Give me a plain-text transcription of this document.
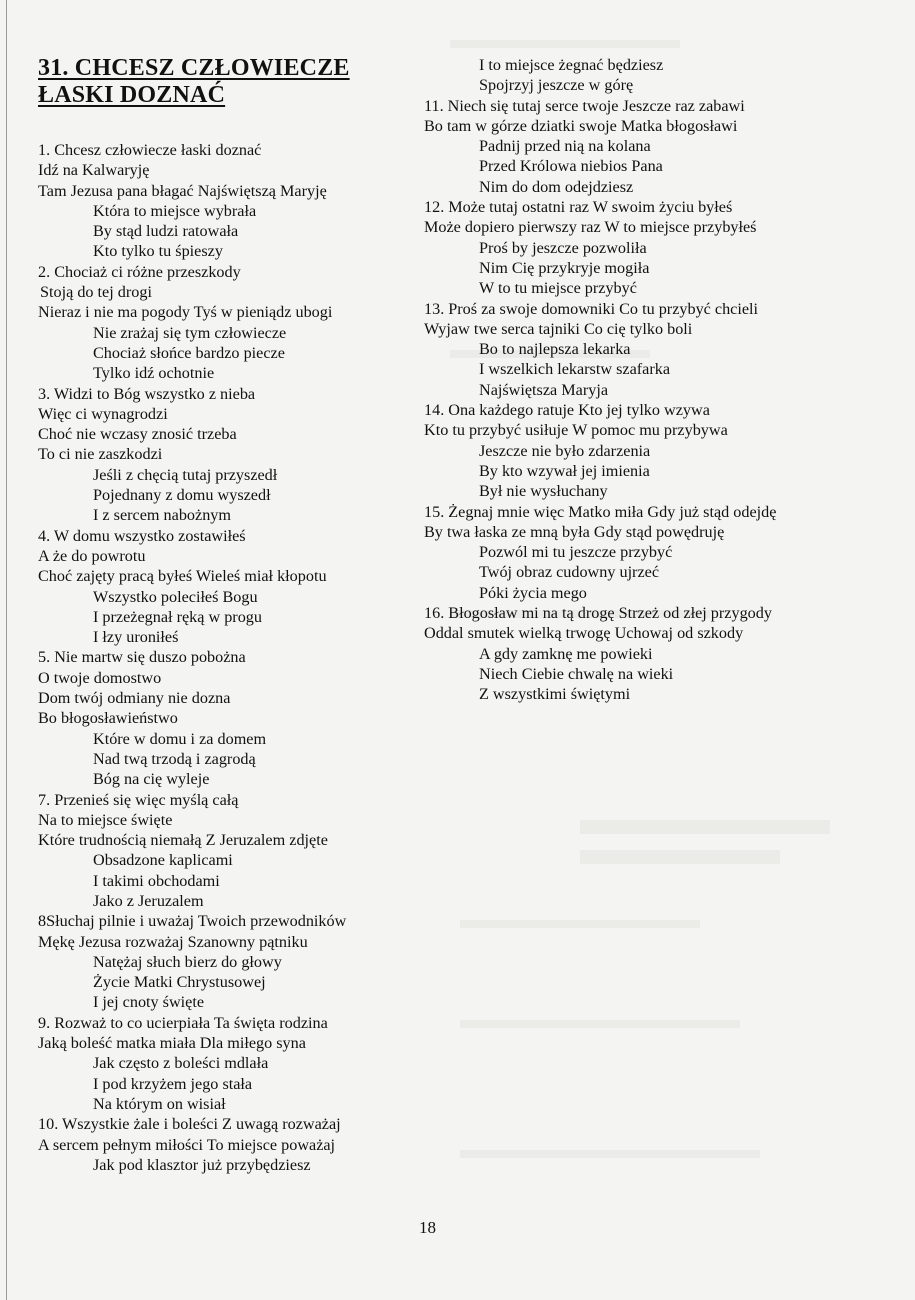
31. CHCESZ CZŁOWIECZE
ŁASKI DOZNAĆ
1. Chcesz człowiecze łaski doznać
Idź na Kalwaryję
Tam Jezusa pana błagać Najświętszą Maryję
Która to miejsce wybrała
By stąd ludzi ratowała
Kto tylko tu śpieszy
2. Chociaż ci różne przeszkody
Stoją do tej drogi
Nieraz i nie ma pogody Tyś w pieniądz ubogi
Nie zrażaj się tym człowiecze
Chociaż słońce bardzo piecze
Tylko idź ochotnie
3. Widzi to Bóg wszystko z nieba
Więc ci wynagrodzi
Choć nie wczasy znosić trzeba
To ci nie zaszkodzi
Jeśli z chęcią tutaj przyszedł
Pojednany z domu wyszedł
I z sercem nabożnym
4. W domu wszystko zostawiłeś
A że do powrotu
Choć zajęty pracą byłeś Wieleś miał kłopotu
Wszystko poleciłeś Bogu
I przeżegnał ręką w progu
I łzy uroniłeś
5. Nie martw się duszo pobożna
O twoje domostwo
Dom twój odmiany nie dozna
Bo błogosławieństwo
Które w domu i za domem
Nad twą trzodą i zagrodą
Bóg na cię wyleje
7. Przenieś się więc myślą całą
Na to miejsce święte
Które trudnością niemałą Z Jeruzalem zdjęte
Obsadzone kaplicami
I takimi obchodami
Jako z Jeruzalem
8Słuchaj pilnie i uważaj Twoich przewodników
Mękę Jezusa rozważaj Szanowny pątniku
Natężaj słuch bierz do głowy
Życie Matki Chrystusowej
I jej cnoty święte
9. Rozważ to co ucierpiała Ta święta rodzina
Jaką boleść matka miała Dla miłego syna
Jak często z boleści mdlała
I pod krzyżem jego stała
Na którym on wisiał
10. Wszystkie żale i boleści Z uwagą rozważaj
A sercem pełnym miłości To miejsce poważaj
Jak pod klasztor już przybędziesz
I to miejsce żegnać będziesz
Spojrzyj jeszcze w górę
11. Niech się tutaj serce twoje Jeszcze raz zabawi
Bo tam w górze dziatki swoje Matka błogosławi
Padnij przed nią na kolana
Przed Królowa niebios Pana
Nim do dom odejdziesz
12. Może tutaj ostatni raz W swoim życiu byłeś
Może dopiero pierwszy raz W to miejsce przybyłeś
Proś by jeszcze pozwoliła
Nim Cię przykryje mogiła
W to tu miejsce przybyć
13. Proś za swoje domowniki Co tu przybyć chcieli
Wyjaw twe serca tajniki Co cię tylko boli
Bo to najlepsza lekarka
I wszelkich lekarstw szafarka
Najświętsza Maryja
14. Ona każdego ratuje Kto jej tylko wzywa
Kto tu przybyć usiłuje W pomoc mu przybywa
Jeszcze nie było zdarzenia
By kto wzywał jej imienia
Był nie wysłuchany
15. Żegnaj mnie więc Matko miła Gdy już stąd odejdę
By twa łaska ze mną była Gdy stąd powędruję
Pozwól mi tu jeszcze przybyć
Twój obraz cudowny ujrzeć
Póki życia mego
16. Błogosław mi na tą drogę Strzeż od złej przygody
Oddal smutek wielką trwogę Uchowaj od szkody
A gdy zamknę me powieki
Niech Ciebie chwalę na wieki
Z wszystkimi świętymi
18
